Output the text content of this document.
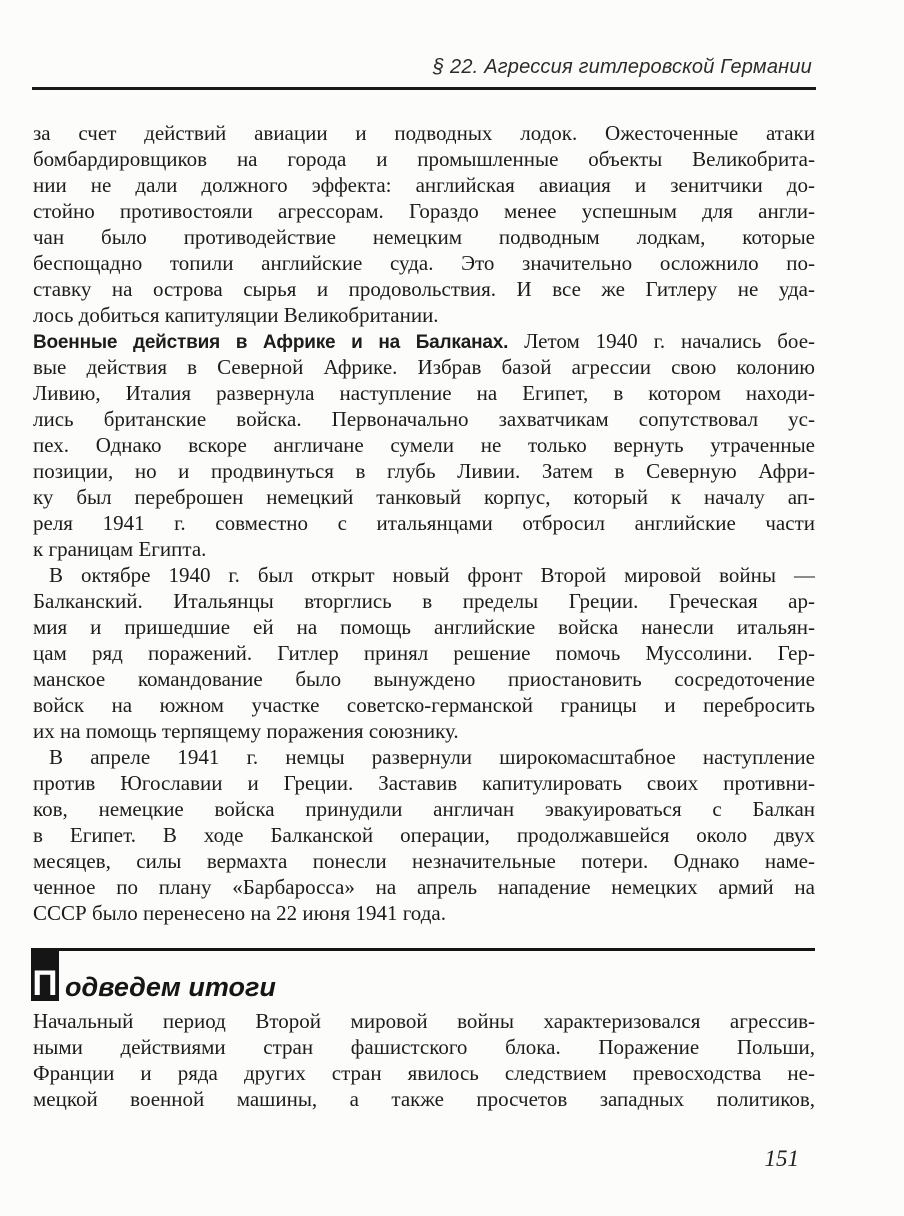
§ 22. Агрессия гитлеровской Германии
за счет действий авиации и подводных лодок. Ожесточенные атаки
бомбардировщиков на города и промышленные объекты Великобрита-
нии не дали должного эффекта: английская авиация и зенитчики до-
стойно противостояли агрессорам. Гораздо менее успешным для англи-
чан было противодействие немецким подводным лодкам, которые
беспощадно топили английские суда. Это значительно осложнило по-
ставку на острова сырья и продовольствия. И все же Гитлеру не уда-
лось добиться капитуляции Великобритании.
Военные действия в Африке и на Балканах. Летом 1940 г. начались бое-
вые действия в Северной Африке. Избрав базой агрессии свою колонию
Ливию, Италия развернула наступление на Египет, в котором находи-
лись британские войска. Первоначально захватчикам сопутствовал ус-
пех. Однако вскоре англичане сумели не только вернуть утраченные
позиции, но и продвинуться в глубь Ливии. Затем в Северную Афри-
ку был переброшен немецкий танковый корпус, который к началу ап-
реля 1941 г. совместно с итальянцами отбросил английские части
к границам Египта.
В октябре 1940 г. был открыт новый фронт Второй мировой войны —
Балканский. Итальянцы вторглись в пределы Греции. Греческая ар-
мия и пришедшие ей на помощь английские войска нанесли итальян-
цам ряд поражений. Гитлер принял решение помочь Муссолини. Гер-
манское командование было вынуждено приостановить сосредоточение
войск на южном участке советско-германской границы и перебросить
их на помощь терпящему поражения союзнику.
В апреле 1941 г. немцы развернули широкомасштабное наступление
против Югославии и Греции. Заставив капитулировать своих противни-
ков, немецкие войска принудили англичан эвакуироваться с Балкан
в Египет. В ходе Балканской операции, продолжавшейся около двух
месяцев, силы вермахта понесли незначительные потери. Однако наме-
ченное по плану «Барбаросса» на апрель нападение немецких армий на
СССР было перенесено на 22 июня 1941 года.
П одведем итоги
Начальный период Второй мировой войны характеризовался агрессив-
ными действиями стран фашистского блока. Поражение Польши,
Франции и ряда других стран явилось следствием превосходства не-
мецкой военной машины, а также просчетов западных политиков,
151
